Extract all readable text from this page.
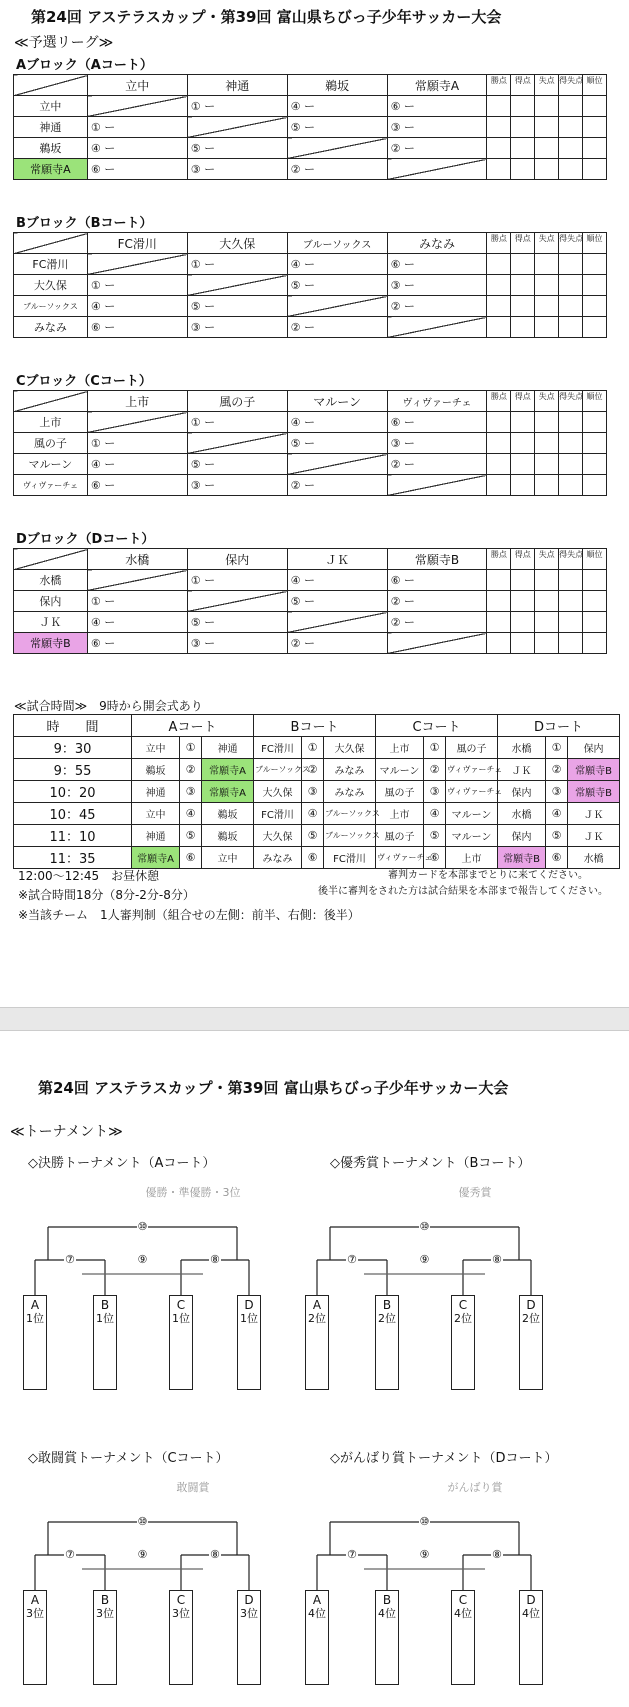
第24回 アステラスカップ・第39回 富山県ちびっ子少年サッカー大会
≪予選リーグ≫
Aブロック（Aコート）
	立中	神通	鵜坂	常願寺A	勝点	得点	失点	得失点	順位
立中		① ー	④ ー	⑥ ー					
神通	① ー		⑤ ー	③ ー					
鵜坂	④ ー	⑤ ー		② ー					
常願寺A	⑥ ー	③ ー	② ー						
Bブロック（Bコート）
	FC滑川	大久保	ブルーソックス	みなみ	勝点	得点	失点	得失点	順位
FC滑川		① ー	④ ー	⑥ ー					
大久保	① ー		⑤ ー	③ ー					
ブルーソックス	④ ー	⑤ ー		② ー					
みなみ	⑥ ー	③ ー	② ー						
Cブロック（Cコート）
	上市	風の子	マルーン	ヴィヴァーチェ	勝点	得点	失点	得失点	順位
上市		① ー	④ ー	⑥ ー					
風の子	① ー		⑤ ー	③ ー					
マルーン	④ ー	⑤ ー		② ー					
ヴィヴァーチェ	⑥ ー	③ ー	② ー						
Dブロック（Dコート）
	水橋	保内	ＪＫ	常願寺B	勝点	得点	失点	得失点	順位
水橋		① ー	④ ー	⑥ ー					
保内	① ー		⑤ ー	② ー					
ＪＫ	④ ー	⑤ ー		② ー					
常願寺B	⑥ ー	③ ー	② ー						
≪試合時間≫　9時から開会式あり
時　　間	Aコート			Bコート			Cコート			Dコート		
9：30	立中	①	神通	FC滑川	①	大久保	上市	①	風の子	水橋	①	保内
9：55	鵜坂	②	常願寺A	ブルーソックス	②	みなみ	マルーン	②	ヴィヴァーチェ	ＪＫ	②	常願寺B
10：20	神通	③	常願寺A	大久保	③	みなみ	風の子	③	ヴィヴァーチェ	保内	③	常願寺B
10：45	立中	④	鵜坂	FC滑川	④	ブルーソックス	上市	④	マルーン	水橋	④	ＪＫ
11：10	神通	⑤	鵜坂	大久保	⑤	ブルーソックス	風の子	⑤	マルーン	保内	⑤	ＪＫ
11：35	常願寺A	⑥	立中	みなみ	⑥	FC滑川	ヴィヴァーチェ	⑥	上市	常願寺B	⑥	水橋
12:00〜12:45　お昼休憩
※試合時間18分（8分-2分-8分）
※当該チーム　1人審判制（組合せの左側：前半、右側：後半）
審判カードを本部までとりに来てください。
後半に審判をされた方は試合結果を本部まで報告してください。
第24回 アステラスカップ・第39回 富山県ちびっ子少年サッカー大会
≪トーナメント≫
◇決勝トーナメント（Aコート）
優勝・準優勝・3位
⑩
⑦	⑧
⑨
A
1位
B
1位
C
1位
D
1位
◇優秀賞トーナメント（Bコート）
優秀賞
⑩
⑦	⑧
⑨
A
2位
B
2位
C
2位
D
2位
◇敢闘賞トーナメント（Cコート）
敢闘賞
⑩
⑦	⑧
⑨
A
3位
B
3位
C
3位
D
3位
◇がんばり賞トーナメント（Dコート）
がんばり賞
⑩
⑦	⑧
⑨
A
4位
B
4位
C
4位
D
4位
